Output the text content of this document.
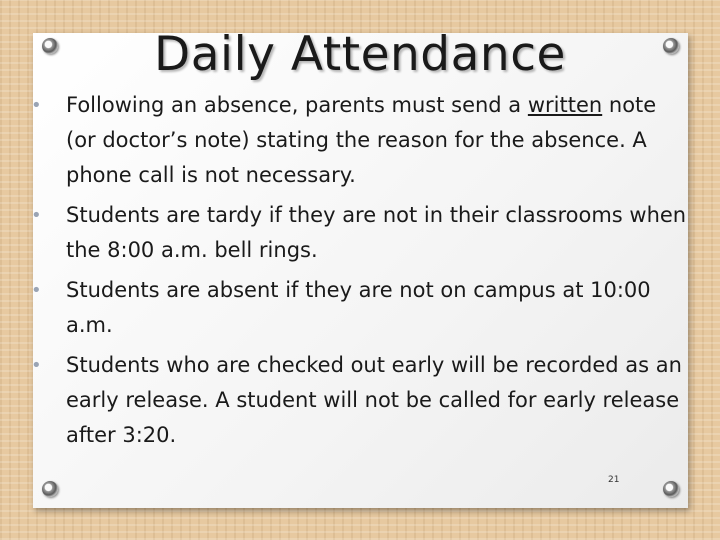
Daily Attendance
• Following an absence, parents must send a written note (or doctor’s note) stating the reason for the absence. A phone call is not necessary.
• Students are tardy if they are not in their classrooms when the 8:00 a.m. bell rings.
• Students are absent if they are not on campus at 10:00 a.m.
• Students who are checked out early will be recorded as an early release. A student will not be called for early release after 3:20.
21
